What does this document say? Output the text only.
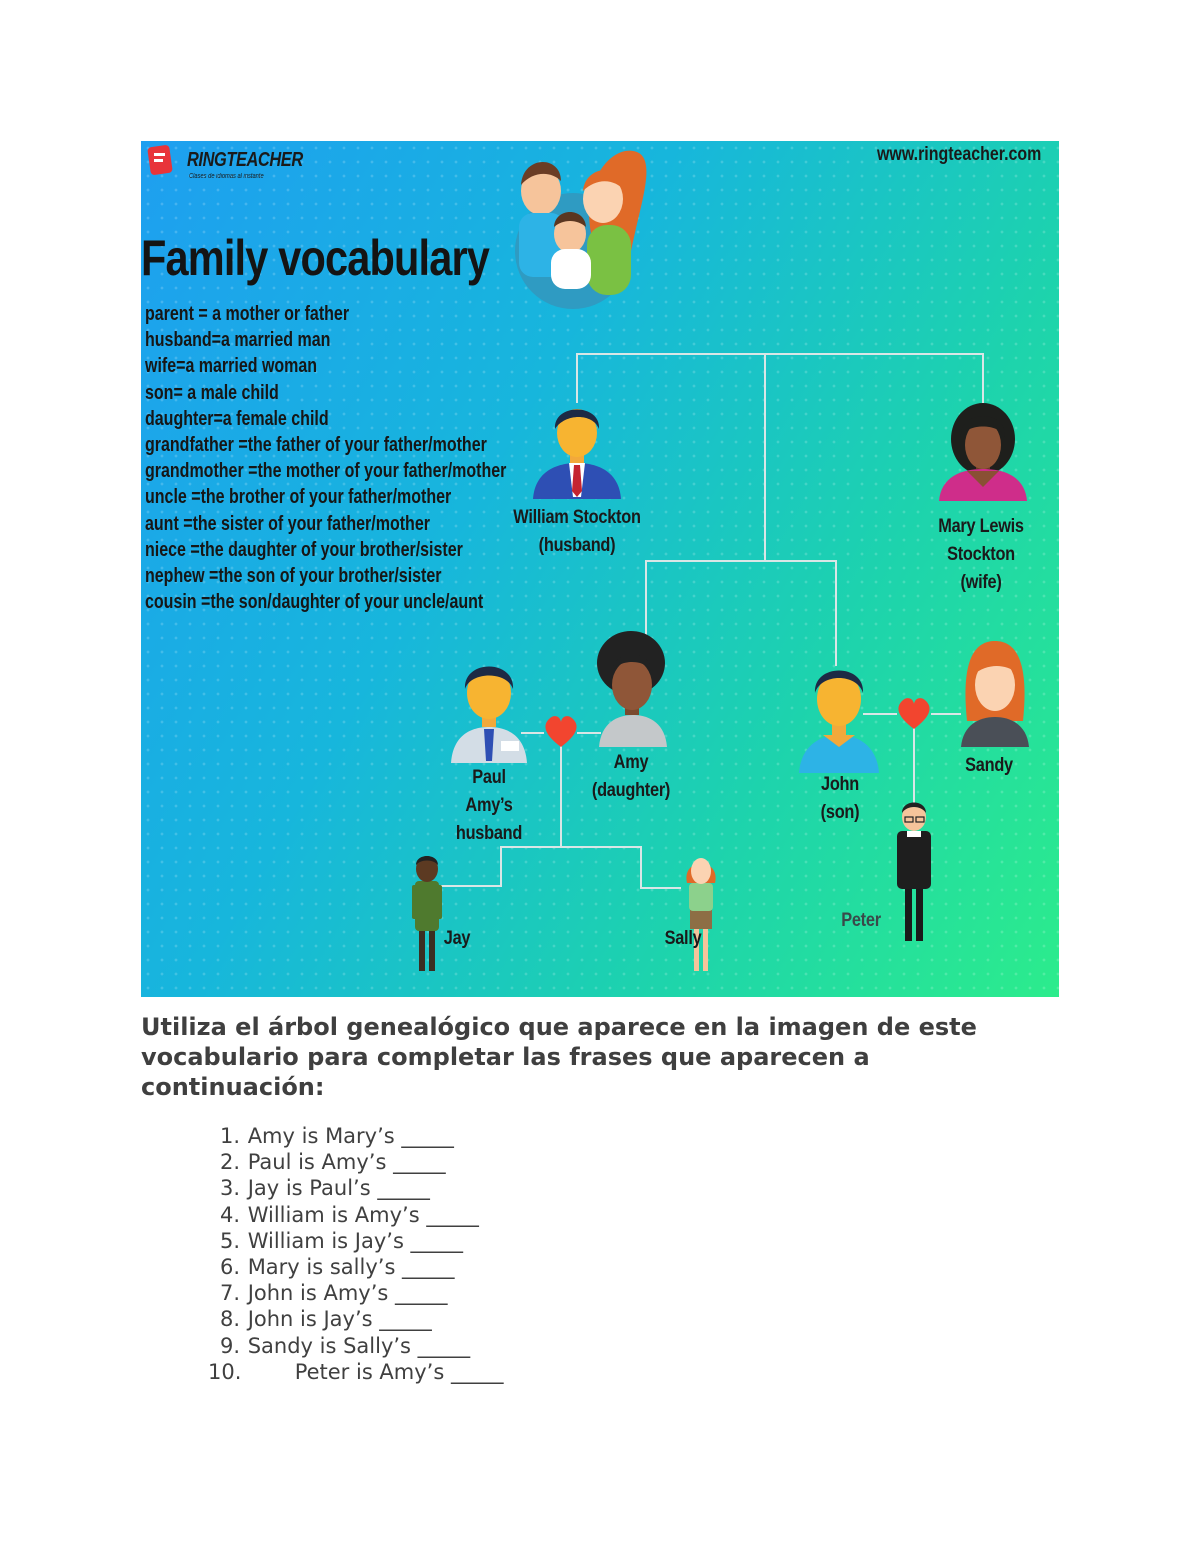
RINGTEACHER
Clases de idiomas al instante
www.ringteacher.com
Family vocabulary
parent = a mother or father
husband=a married man
wife=a married woman
son= a male child
daughter=a female child
grandfather =the father of your father/mother
grandmother =the mother of your father/mother
uncle =the brother of your father/mother
aunt =the sister of your father/mother
niece =the daughter of your brother/sister
nephew =the son of your brother/sister
cousin =the son/daughter of your uncle/aunt
William Stockton
(husband)
Mary Lewis
Stockton
(wife)
Paul
Amy’s
husband
Amy
(daughter)	John
(son)
Sandy
Jay	Sally
Peter

Utiliza el árbol genealógico que aparece en la imagen de este vocabulario para completar las frases que aparecen a continuación:

1. Amy is Mary’s _____
2. Paul is Amy’s _____
3. Jay is Paul’s _____
4. William is Amy’s _____
5. William is Jay’s _____
6. Mary is sally’s _____
7. John is Amy’s _____
8. John is Jay’s _____
9. Sandy is Sally’s _____
10.	Peter is Amy’s _____
